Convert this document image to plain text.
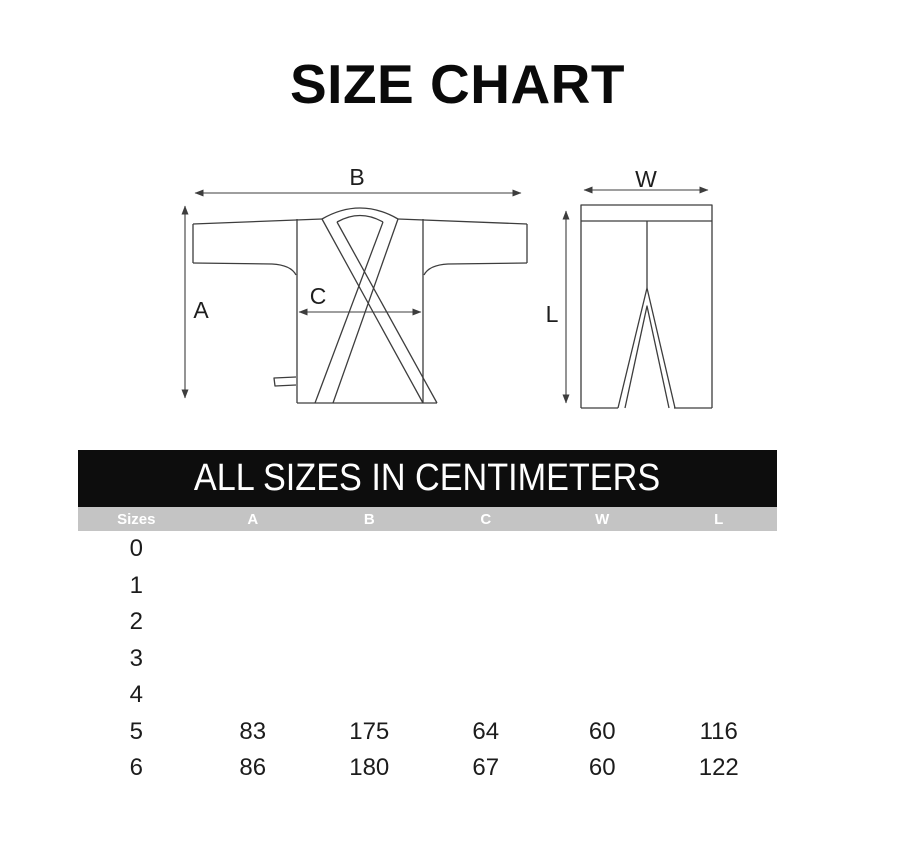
SIZE CHART
B
A
C
W
L
ALL SIZES IN CENTIMETERS
Sizes	A	B	C	W	L
0
1
2
3
4
5	83	175	64	60	116
6	86	180	67	60	122
